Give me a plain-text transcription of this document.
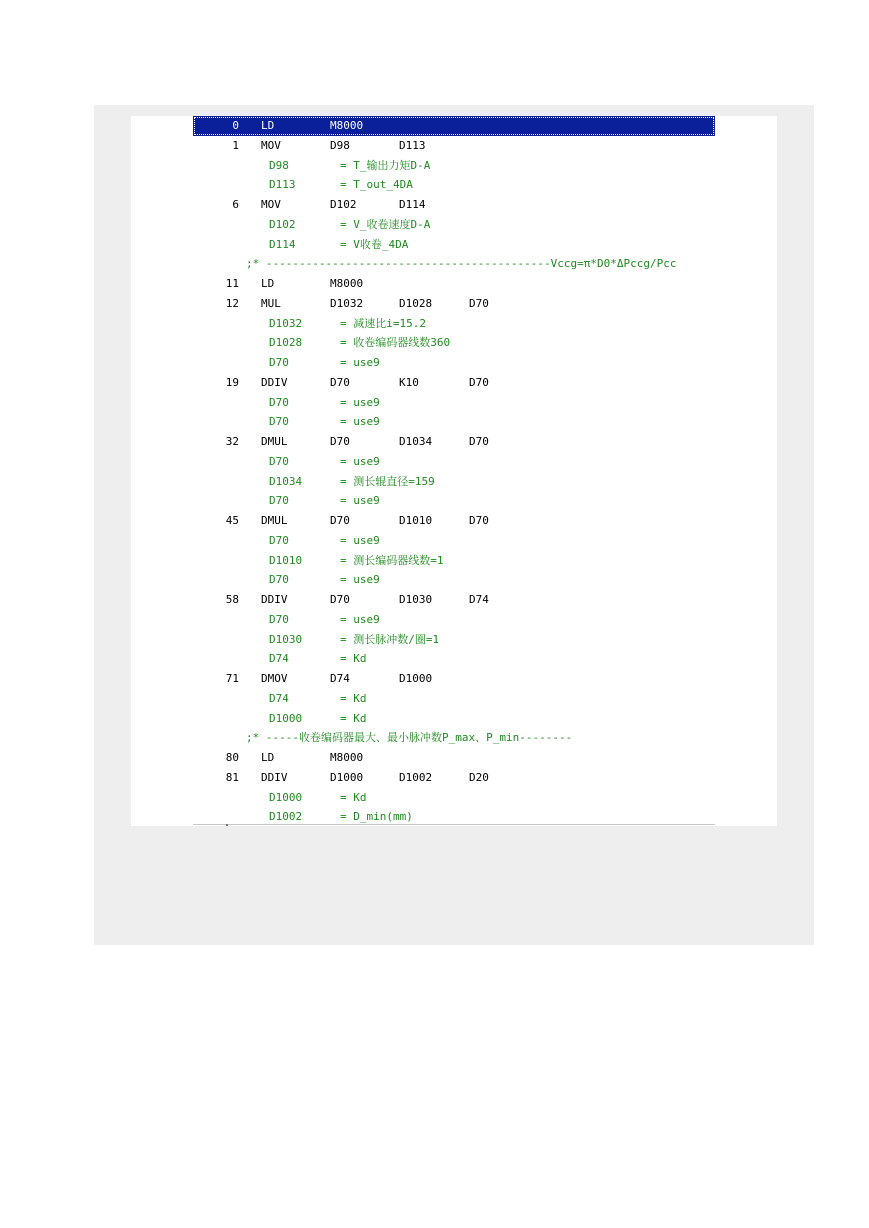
0 LD	M8000
1 MOV	D98	D113
D98	= T_输出力矩D-A
D113	= T_out_4DA
6 MOV	D102	D114
D102	= V_收卷速度D-A
D114	= V收卷_4DA
;* -------------------------------------------Vccg=π*D0*ΔPccg/Pcc
11 LD	M8000
12 MUL	D1032	D1028	D70
D1032	= 减速比i=15.2
D1028	= 收卷编码器线数360
D70	= use9
19 DDIV	D70	K10	D70
D70	= use9
D70	= use9
32 DMUL	D70	D1034	D70
D70	= use9
D1034	= 测长辊直径=159
D70	= use9
45 DMUL	D70	D1010	D70
D70	= use9
D1010	= 测长编码器线数=1
D70	= use9
58 DDIV	D70	D1030	D74
D70	= use9
D1030	= 测长脉冲数/圈=1
D74	= Kd
71 DMOV	D74	D1000
D74	= Kd
D1000	= Kd
;* -----收卷编码器最大、最小脉冲数P_max、P_min--------
80 LD	M8000
81 DDIV	D1000	D1002	D20
D1000	= Kd
D1002	= D_min(mm)
